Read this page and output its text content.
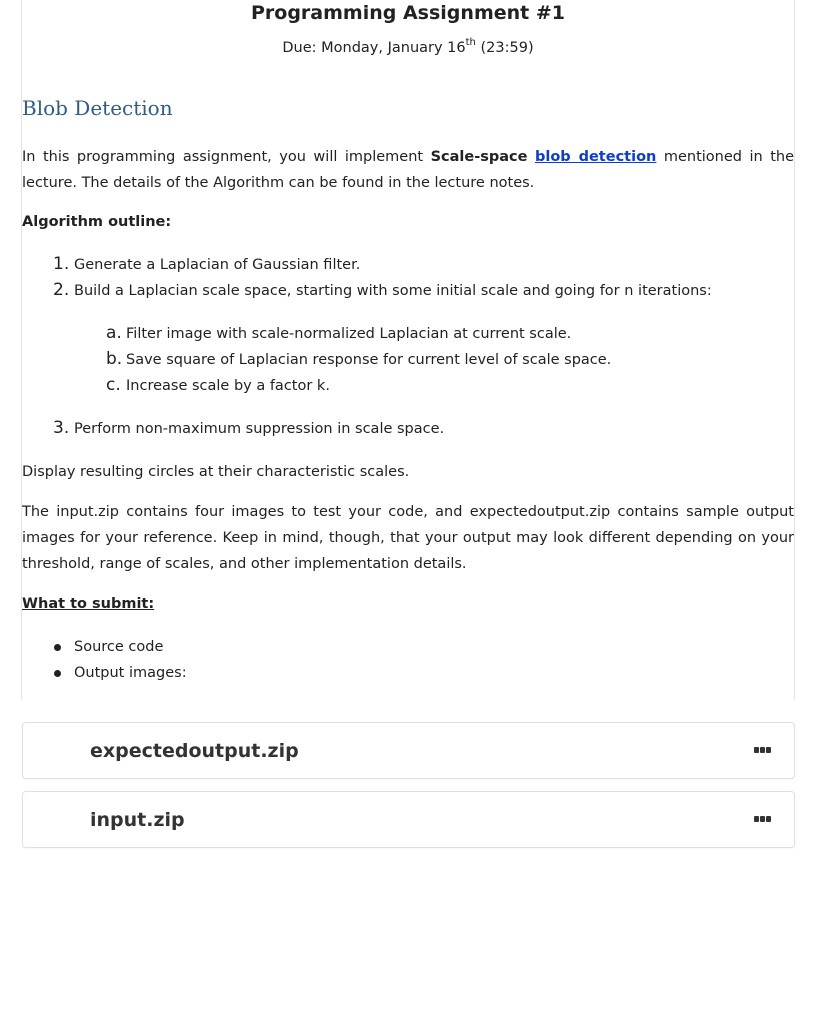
Programming Assignment #1
Due: Monday, January 16th (23:59)
Blob Detection
In this programming assignment, you will implement Scale-space blob detection mentioned in the lecture. The details of the Algorithm can be found in the lecture notes.
Algorithm outline:
1. Generate a Laplacian of Gaussian filter.
2. Build a Laplacian scale space, starting with some initial scale and going for n iterations:
a. Filter image with scale-normalized Laplacian at current scale.
b. Save square of Laplacian response for current level of scale space.
c. Increase scale by a factor k.
3. Perform non-maximum suppression in scale space.
Display resulting circles at their characteristic scales.
The input.zip contains four images to test your code, and expectedoutput.zip contains sample output images for your reference. Keep in mind, though, that your output may look different depending on your threshold, range of scales, and other implementation details.
What to submit:
Source code
Output images:
expectedoutput.zip
input.zip
